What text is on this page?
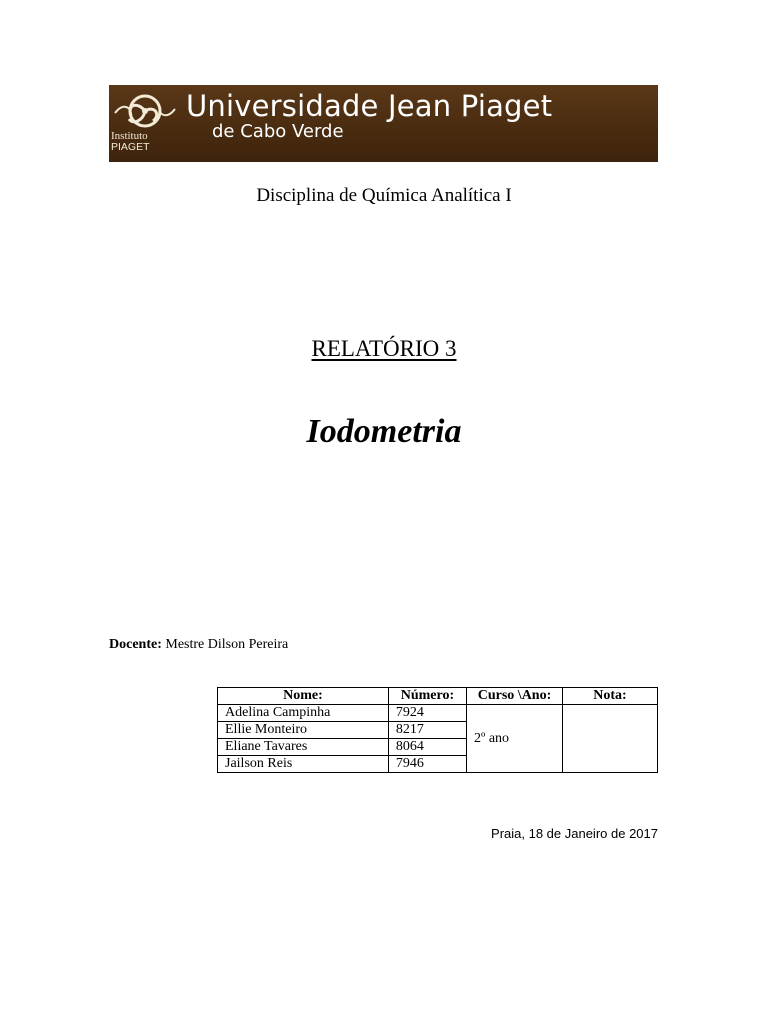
Instituto
PIAGET
Universidade Jean Piaget
de Cabo Verde
Disciplina de Química Analítica I
RELATÓRIO 3
Iodometria
Docente: Mestre Dilson Pereira
Nome:	Número:	Curso \Ano:	Nota:
Adelina Campinha	7924	2º ano	
Ellie Monteiro	8217		
Eliane Tavares	8064		
Jailson Reis	7946		
Praia, 18 de Janeiro de 2017
